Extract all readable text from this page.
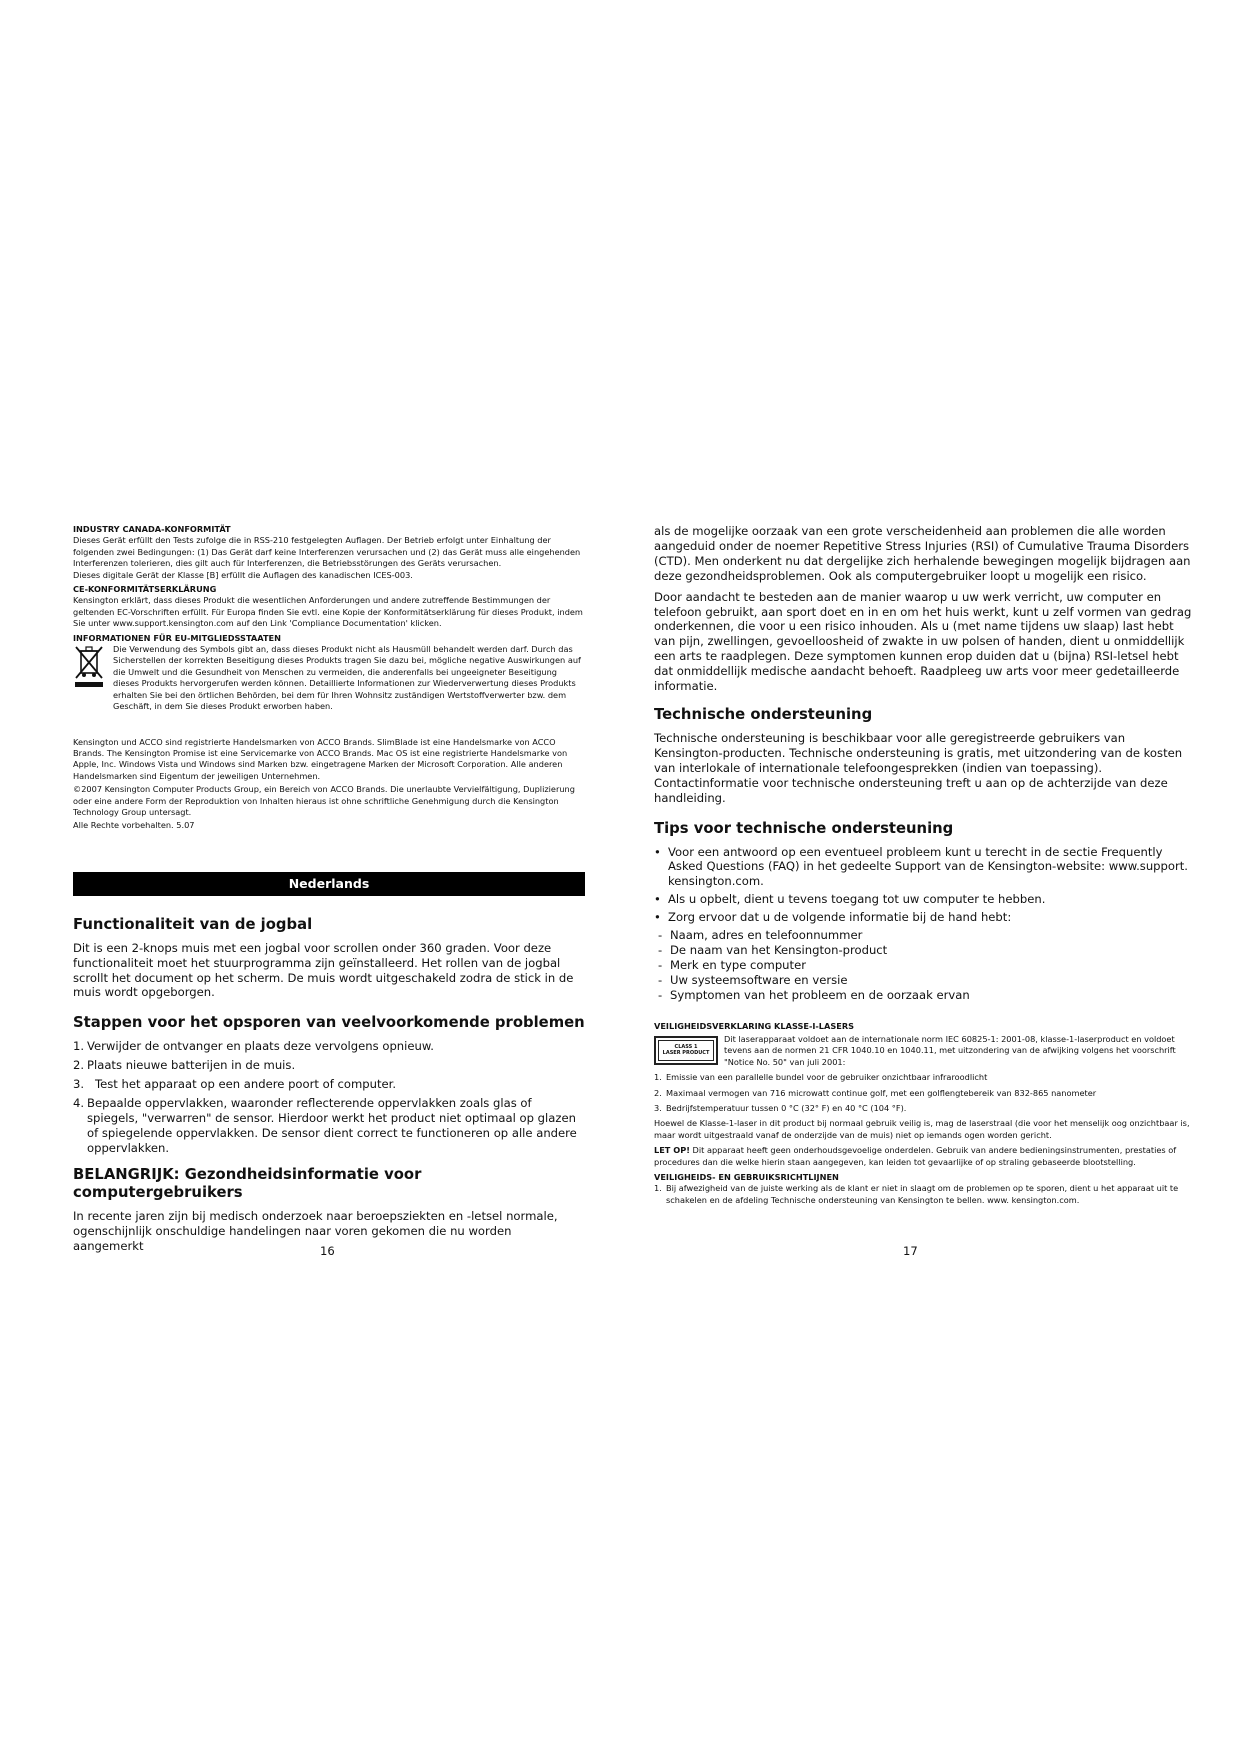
INDUSTRY CANADA-KONFORMITÄT

Dieses Gerät erfüllt den Tests zufolge die in RSS-210 festgelegten Auflagen. Der Betrieb erfolgt unter Einhaltung der folgenden zwei Bedingungen: (1) Das Gerät darf keine Interferenzen verursachen und (2) das Gerät muss alle eingehenden Interferenzen tolerieren, dies gilt auch für Interferenzen, die Betriebsstörungen des Geräts verursachen.

Dieses digitale Gerät der Klasse [B] erfüllt die Auflagen des kanadischen ICES-003.

CE-KONFORMITÄTSERKLÄRUNG

Kensington erklärt, dass dieses Produkt die wesentlichen Anforderungen und andere zutreffende Bestimmungen der geltenden EC-Vorschriften erfüllt. Für Europa finden Sie evtl. eine Kopie der Konformitätserklärung für dieses Produkt, indem Sie unter www.support.kensington.com auf den Link 'Compliance Documentation' klicken.

INFORMATIONEN FÜR EU-MITGLIEDSSTAATEN

Die Verwendung des Symbols gibt an, dass dieses Produkt nicht als Hausmüll behandelt werden darf. Durch das Sicherstellen der korrekten Beseitigung dieses Produkts tragen Sie dazu bei, mögliche negative Auswirkungen auf die Umwelt und die Gesundheit von Menschen zu vermeiden, die anderenfalls bei ungeeigneter Beseitigung dieses Produkts hervorgerufen werden können. Detaillierte Informationen zur Wiederverwertung dieses Produkts erhalten Sie bei den örtlichen Behörden, bei dem für Ihren Wohnsitz zuständigen Wertstoffverwerter bzw. dem Geschäft, in dem Sie dieses Produkt erworben haben.

Kensington und ACCO sind registrierte Handelsmarken von ACCO Brands. SlimBlade ist eine Handelsmarke von ACCO Brands. The Kensington Promise ist eine Servicemarke von ACCO Brands. Mac OS ist eine registrierte Handelsmarke von Apple, Inc. Windows Vista und Windows sind Marken bzw. eingetragene Marken der Microsoft Corporation. Alle anderen Handelsmarken sind Eigentum der jeweiligen Unternehmen.

©2007 Kensington Computer Products Group, ein Bereich von ACCO Brands. Die unerlaubte Vervielfältigung, Duplizierung oder eine andere Form der Reproduktion von Inhalten hieraus ist ohne schriftliche Genehmigung durch die Kensington Technology Group untersagt.

Alle Rechte vorbehalten. 5.07

Nederlands
Functionaliteit van de jogbal

Dit is een 2-knops muis met een jogbal voor scrollen onder 360 graden. Voor deze functionaliteit moet het stuurprogramma zijn geïnstalleerd. Het rollen van de jogbal scrollt het document op het scherm. De muis wordt uitgeschakeld zodra de stick in de muis wordt opgeborgen.

Stappen voor het opsporen van veelvoorkomende problemen
1. Verwijder de ontvanger en plaats deze vervolgens opnieuw.
2. Plaats nieuwe batterijen in de muis.
3. Test het apparaat op een andere poort of computer.
4. Bepaalde oppervlakken, waaronder reflecterende oppervlakken zoals glas of spiegels, "verwarren" de sensor. Hierdoor werkt het product niet optimaal op glazen of spiegelende oppervlakken. De sensor dient correct te functioneren op alle andere oppervlakken.
BELANGRIJK: Gezondheidsinformatie voor computergebruikers

In recente jaren zijn bij medisch onderzoek naar beroepsziekten en -letsel normale, ogenschijnlijk onschuldige handelingen naar voren gekomen die nu worden aangemerkt

als de mogelijke oorzaak van een grote verscheidenheid aan problemen die alle worden aangeduid onder de noemer Repetitive Stress Injuries (RSI) of Cumulative Trauma Disorders (CTD). Men onderkent nu dat dergelijke zich herhalende bewegingen mogelijk bijdragen aan deze gezondheidsproblemen. Ook als computergebruiker loopt u mogelijk een risico.

Door aandacht te besteden aan de manier waarop u uw werk verricht, uw computer en telefoon gebruikt, aan sport doet en in en om het huis werkt, kunt u zelf vormen van gedrag onderkennen, die voor u een risico inhouden. Als u (met name tijdens uw slaap) last hebt van pijn, zwellingen, gevoelloosheid of zwakte in uw polsen of handen, dient u onmiddellijk een arts te raadplegen. Deze symptomen kunnen erop duiden dat u (bijna) RSI-letsel hebt dat onmiddellijk medische aandacht behoeft. Raadpleeg uw arts voor meer gedetailleerde informatie.

Technische ondersteuning

Technische ondersteuning is beschikbaar voor alle geregistreerde gebruikers van Kensington-producten. Technische ondersteuning is gratis, met uitzondering van de kosten van interlokale of internationale telefoongesprekken (indien van toepassing). Contactinformatie voor technische ondersteuning treft u aan op de achterzijde van deze handleiding.

Tips voor technische ondersteuning
• Voor een antwoord op een eventueel probleem kunt u terecht in de sectie Frequently Asked Questions (FAQ) in het gedeelte Support van de Kensington-website: www.support. kensington.com.
• Als u opbelt, dient u tevens toegang tot uw computer te hebben.
• Zorg ervoor dat u de volgende informatie bij de hand hebt:
- Naam, adres en telefoonnummer
- De naam van het Kensington-product
- Merk en type computer
- Uw systeemsoftware en versie
- Symptomen van het probleem en de oorzaak ervan

VEILIGHEIDSVERKLARING KLASSE-I-LASERS

CLASS 1
LASER PRODUCT

Dit laserapparaat voldoet aan de internationale norm IEC 60825-1: 2001-08, klasse-1-laserproduct en voldoet tevens aan de normen 21 CFR 1040.10 en 1040.11, met uitzondering van de afwijking volgens het voorschrift "Notice No. 50" van juli 2001:

1. Emissie van een parallelle bundel voor de gebruiker onzichtbaar infraroodlicht
2. Maximaal vermogen van 716 microwatt continue golf, met een golflengtebereik van 832-865 nanometer
3. Bedrijfstemperatuur tussen 0 °C (32° F) en 40 °C (104 °F).

Hoewel de Klasse-1-laser in dit product bij normaal gebruik veilig is, mag de laserstraal (die voor het menselijk oog onzichtbaar is, maar wordt uitgestraald vanaf de onderzijde van de muis) niet op iemands ogen worden gericht.

LET OP! Dit apparaat heeft geen onderhoudsgevoelige onderdelen. Gebruik van andere bedieningsinstrumenten, prestaties of procedures dan die welke hierin staan aangegeven, kan leiden tot gevaarlijke of op straling gebaseerde blootstelling.

VEILIGHEIDS- EN GEBRUIKSRICHTLIJNEN

1. Bij afwezigheid van de juiste werking als de klant er niet in slaagt om de problemen op te sporen, dient u het apparaat uit te schakelen en de afdeling Technische ondersteuning van Kensington te bellen. www. kensington.com.
16	17
